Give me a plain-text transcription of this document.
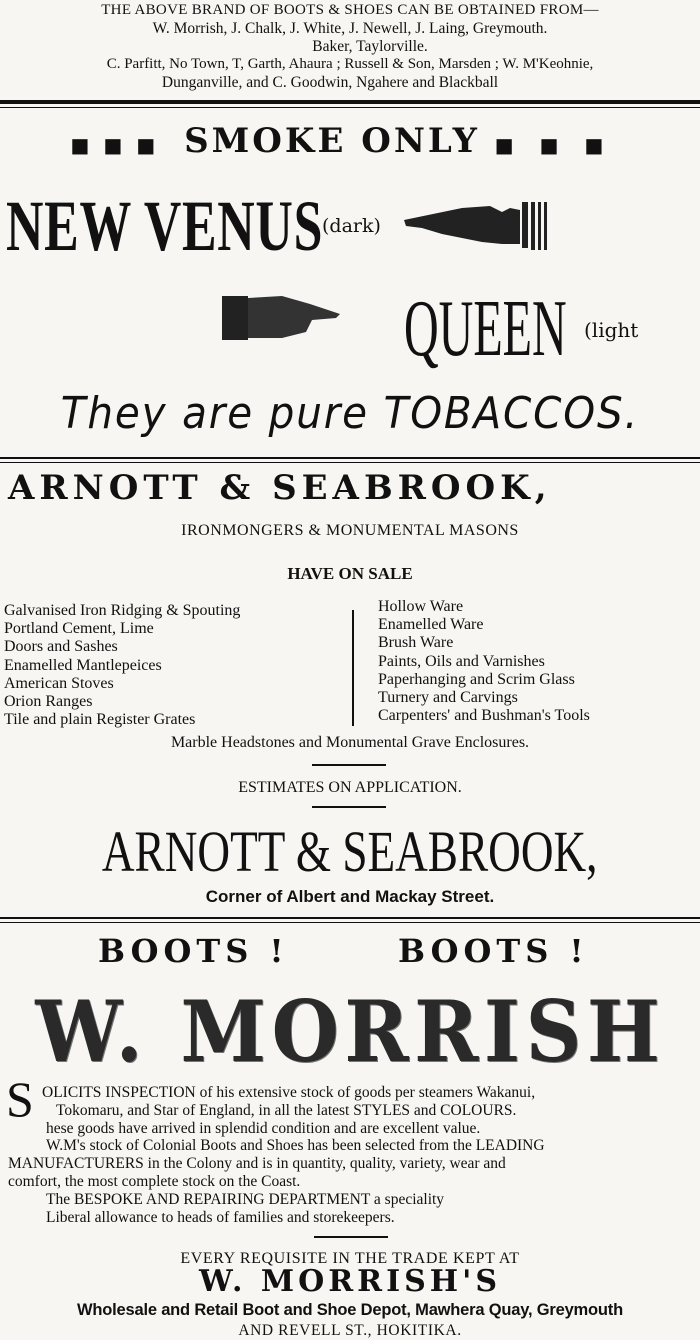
THE ABOVE BRAND OF BOOTS & SHOES CAN BE OBTAINED FROM—
W. Morrish, J. Chalk, J. White, J. Newell, J. Laing, Greymouth.
Baker, Taylorville.
C. Parfitt, No Town, T, Garth, Ahaura ; Russell & Son, Marsden ; W. M'Keohnie,
Dunganville, and C. Goodwin, Ngahere and Blackball
■■■ SMOKE ONLY ■■■
NEW VENUS
(dark)
QUEEN (light
They are pure TOBACCOS.
ARNOTT & SEABROOK,
IRONMONGERS & MONUMENTAL MASONS
HAVE ON SALE
Galvanised Iron Ridging & Spouting
Portland Cement, Lime
Doors and Sashes
Enamelled Mantlepeices
American Stoves
Orion Ranges
Tile and plain Register Grates
Hollow Ware
Enamelled Ware
Brush Ware
Paints, Oils and Varnishes
Paperhanging and Scrim Glass
Turnery and Carvings
Carpenters' and Bushman's Tools
Marble Headstones and Monumental Grave Enclosures.
ESTIMATES ON APPLICATION.
ARNOTT & SEABROOK,
Corner of Albert and Mackay Street.
BOOTS !	BOOTS !
W. MORRISH
S OLICITS INSPECTION of his extensive stock of goods per steamers Wakanui,
Tokomaru, and Star of England, in all the latest STYLES and COLOURS.
hese goods have arrived in splendid condition and are excellent value.
W.M's stock of Colonial Boots and Shoes has been selected from the LEADING
MANUFACTURERS in the Colony and is in quantity, quality, variety, wear and
comfort, the most complete stock on the Coast.
The BESPOKE AND REPAIRING DEPARTMENT a speciality
Liberal allowance to heads of families and storekeepers.
EVERY REQUISITE IN THE TRADE KEPT AT
W. MORRISH'S
Wholesale and Retail Boot and Shoe Depot, Mawhera Quay, Greymouth
AND REVELL ST., HOKITIKA.
